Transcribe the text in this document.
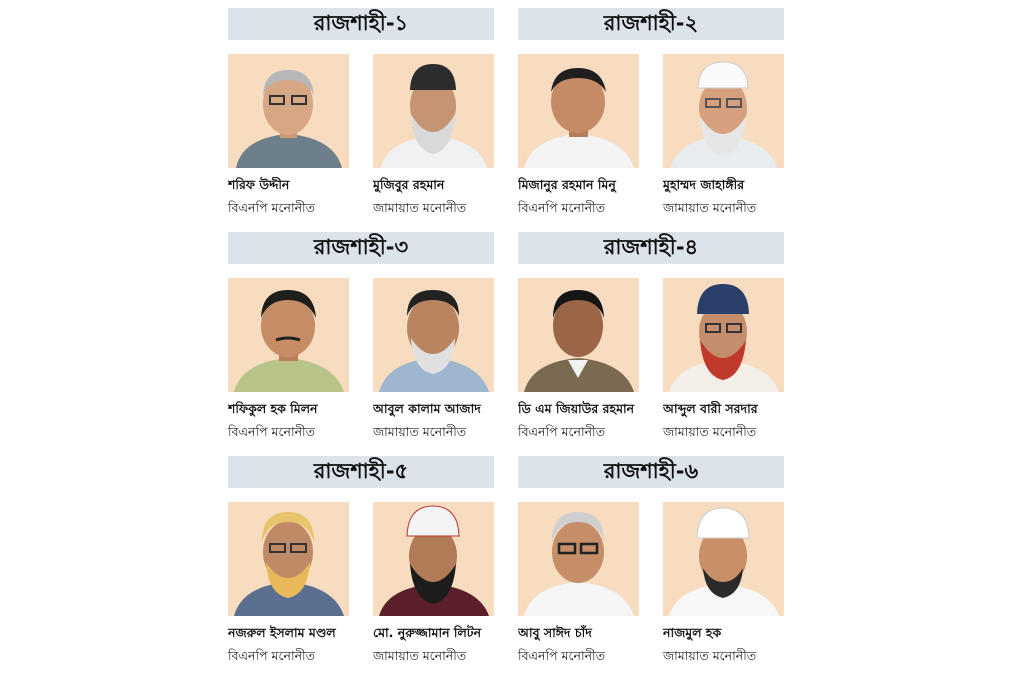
রাজশাহী-১
শরিফ উদ্দীন
বিএনপি মনোনীত
মুজিবুর রহমান
জামায়াত মনোনীত
রাজশাহী-২
মিজানুর রহমান মিনু
বিএনপি মনোনীত
মুহাম্মদ জাহাঙ্গীর
জামায়াত মনোনীত
রাজশাহী-৩
শফিকুল হক মিলন
বিএনপি মনোনীত
আবুল কালাম আজাদ
জামায়াত মনোনীত
রাজশাহী-৪
ডি এম জিয়াউর রহমান
বিএনপি মনোনীত
আব্দুল বারী সরদার
জামায়াত মনোনীত
রাজশাহী-৫
নজরুল ইসলাম মণ্ডল
বিএনপি মনোনীত
মো. নুরুজ্জামান লিটন
জামায়াত মনোনীত
রাজশাহী-৬
আবু সাঈদ চাঁদ
বিএনপি মনোনীত
নাজমুল হক
জামায়াত মনোনীত
